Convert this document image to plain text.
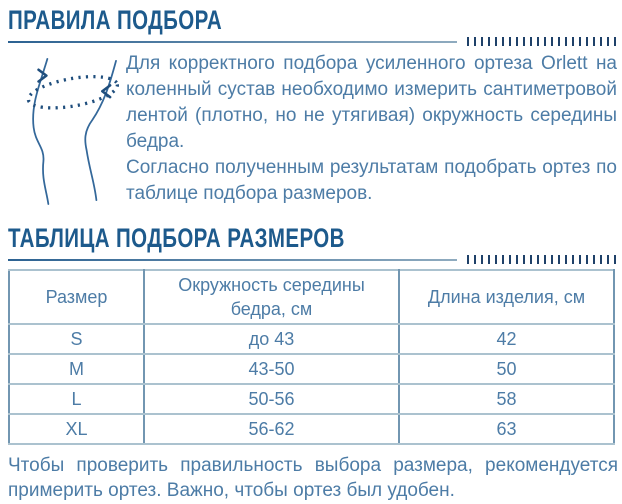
ПРАВИЛА ПОДБОРА

Для корректного подбора усиленного ортеза Orlett на коленный сустав необходимо измерить сантиметровой лентой (плотно, но не утягивая) окружность середины бедра.

Согласно полученным результатам подобрать ортез по таблице подбора размеров.

ТАБЛИЦА ПОДБОРА РАЗМЕРОВ
Размер	Окружность середины бедра, см	Длина изделия, см
S	до 43	42
M	43-50	50
L	50-56	58
XL	56-62	63

Чтобы проверить правильность выбора размера, рекомендуется примерить ортез. Важно, чтобы ортез был удобен.
